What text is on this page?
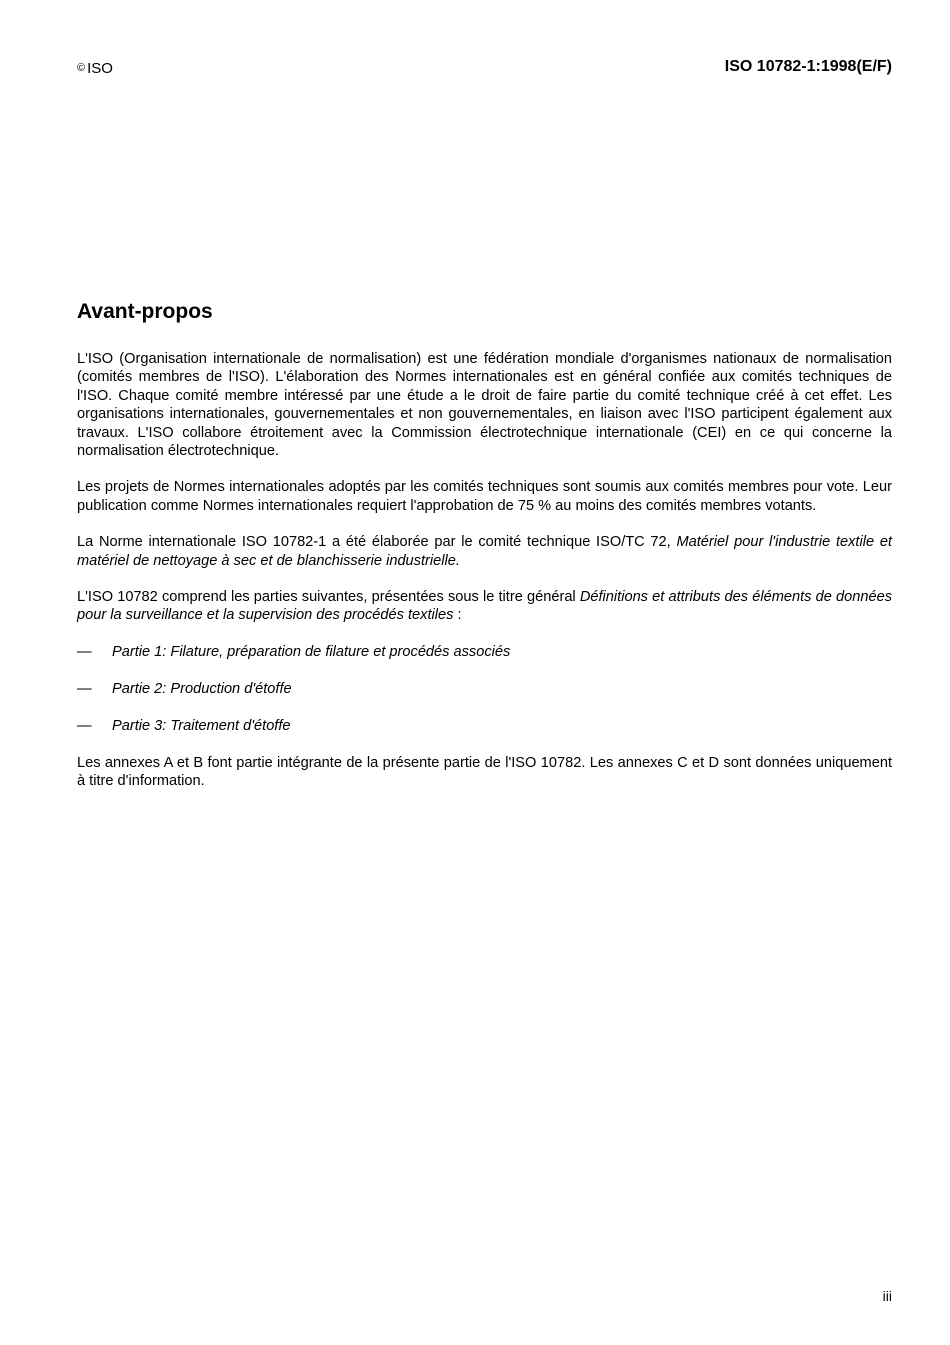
© ISO	ISO 10782-1:1998(E/F)
Avant-propos

L'ISO (Organisation internationale de normalisation) est une fédération mondiale d'organismes nationaux de normalisation (comités membres de l'ISO). L'élaboration des Normes internationales est en général confiée aux comités techniques de l'ISO. Chaque comité membre intéressé par une étude a le droit de faire partie du comité technique créé à cet effet. Les organisations internationales, gouvernementales et non gouvernementales, en liaison avec l'ISO participent également aux travaux. L'ISO collabore étroitement avec la Commission électrotechnique internationale (CEI) en ce qui concerne la normalisation électrotechnique.

Les projets de Normes internationales adoptés par les comités techniques sont soumis aux comités membres pour vote. Leur publication comme Normes internationales requiert l'approbation de 75 % au moins des comités membres votants.

La Norme internationale ISO 10782-1 a été élaborée par le comité technique ISO/TC 72, Matériel pour l'industrie textile et matériel de nettoyage à sec et de blanchisserie industrielle.

L'ISO 10782 comprend les parties suivantes, présentées sous le titre général Définitions et attributs des éléments de données pour la surveillance et la supervision des procédés textiles :

—	Partie 1: Filature, préparation de filature et procédés associés
—	Partie 2: Production d'étoffe
—	Partie 3: Traitement d'étoffe

Les annexes A et B font partie intégrante de la présente partie de l'ISO 10782. Les annexes C et D sont données uniquement à titre d'information.

iii
